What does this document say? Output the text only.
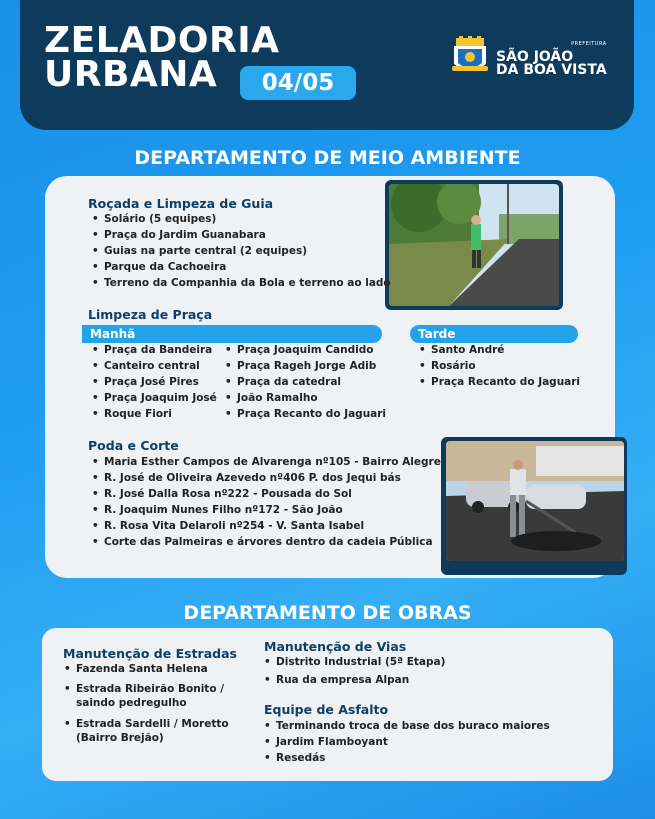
ZELADORIA
URBANA	04/05
PREFEITURA
SÃO JOÃO
DA BOA VISTA
DEPARTAMENTO DE MEIO AMBIENTE
Roçada e Limpeza de Guia
• Solário (5 equipes)
• Praça do Jardim Guanabara
• Guias na parte central (2 equipes)
• Parque da Cachoeira
• Terreno da Companhia da Bola e terreno ao lado
Limpeza de Praça
Manhã	Tarde
• Praça da Bandeira
• Canteiro central
• Praça José Pires
• Praça Joaquim José
• Roque Fiori
• Praça Joaquim Candido
• Praça Rageh Jorge Adib
• Praça da catedral
• João Ramalho
• Praça Recanto do Jaguari
• Santo André
• Rosário
• Praça Recanto do Jaguari
Poda e Corte
• Maria Esther Campos de Alvarenga nº105 - Bairro Alegre
• R. José de Oliveira Azevedo nº406 P. dos Jequi bás
• R. José Dalla Rosa nº222 - Pousada do Sol
• R. Joaquim Nunes Filho nº172 - São João
• R. Rosa Vita Delaroli nº254 - V. Santa Isabel
• Corte das Palmeiras e árvores dentro da cadeia Pública
DEPARTAMENTO DE OBRAS
Manutenção de Estradas
• Fazenda Santa Helena
• Estrada Ribeirão Bonito / saindo pedregulho
• Estrada Sardelli / Moretto (Bairro Brejão)
Manutenção de Vias
• Distrito Industrial (5ª Etapa)
• Rua da empresa Alpan
Equipe de Asfalto
• Terminando troca de base dos buraco maiores
• Jardim Flamboyant
• Resedás
